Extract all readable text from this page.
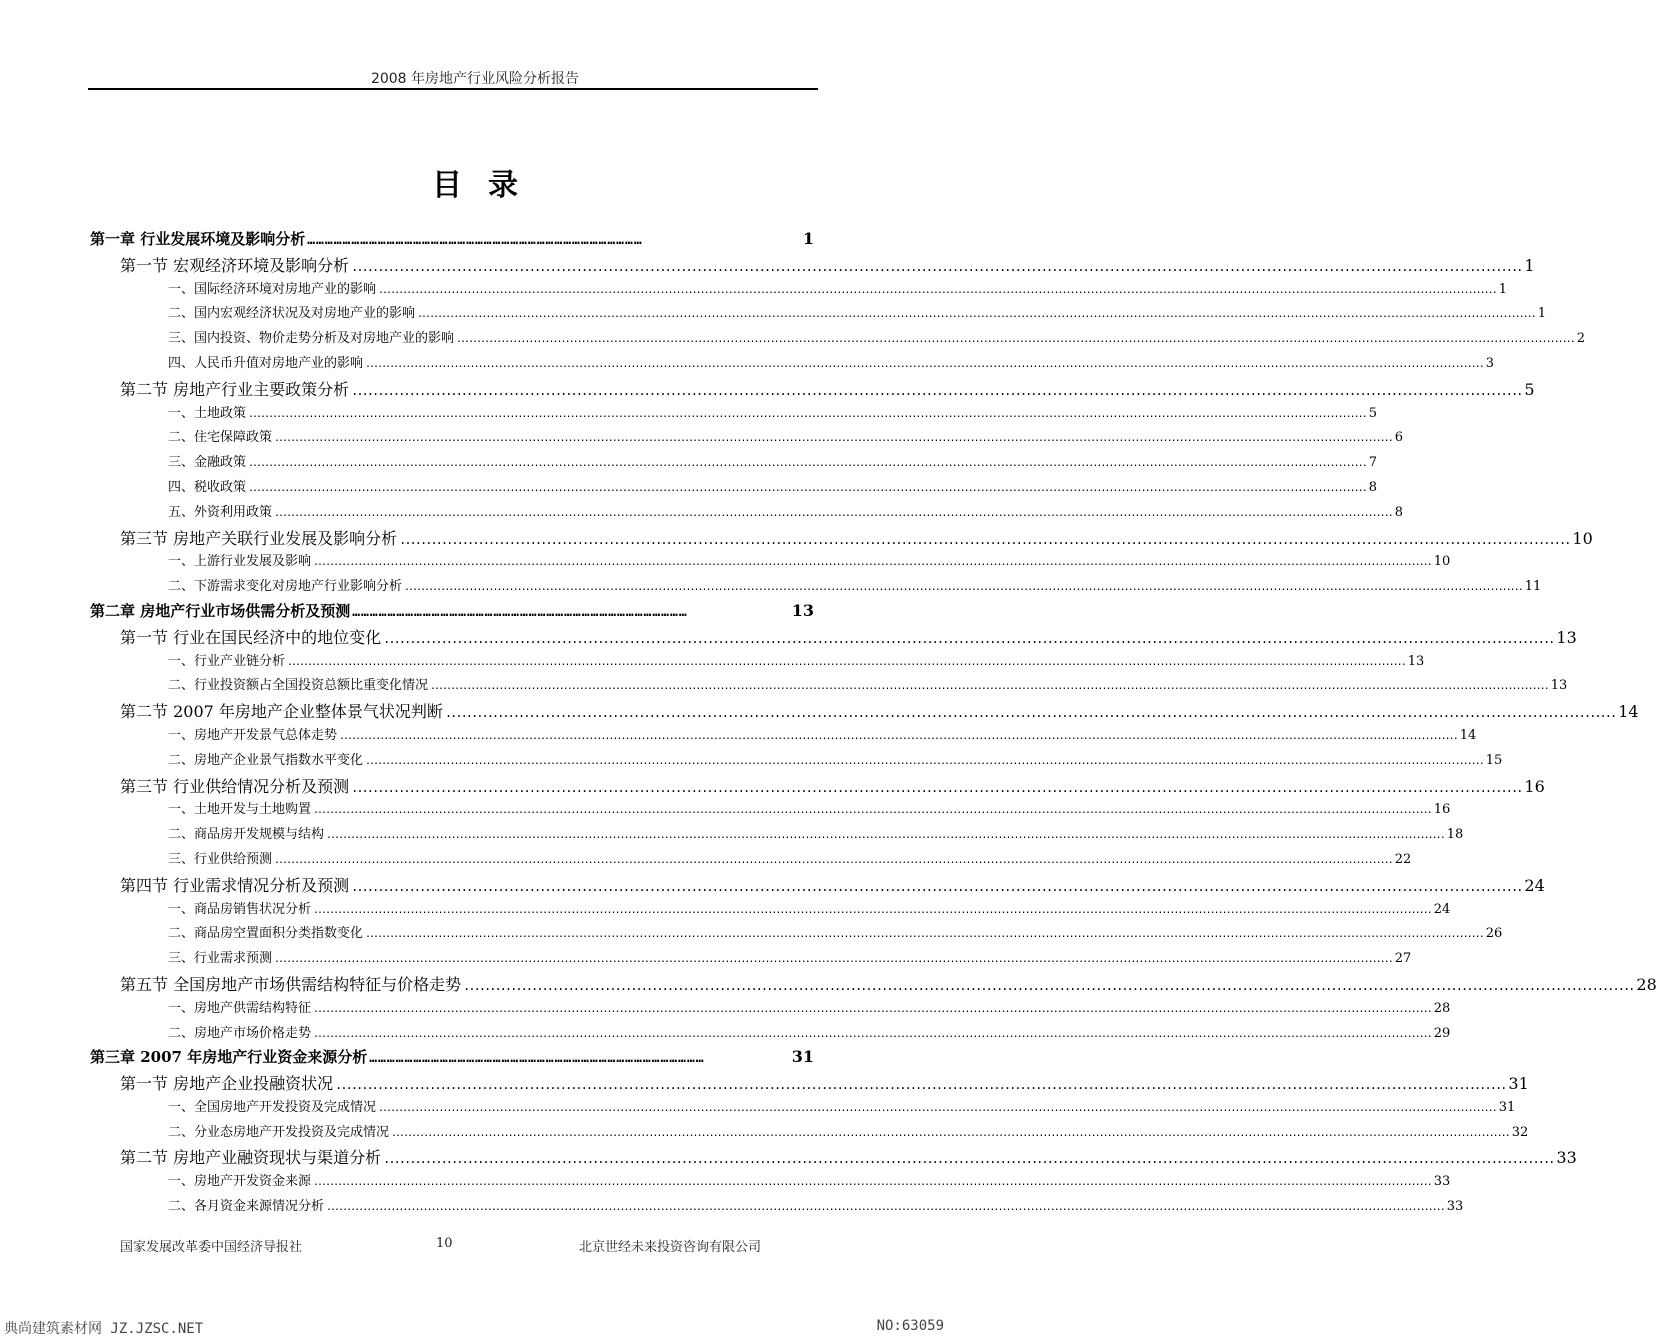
2008 年房地产行业风险分析报告
目录
第一章 行业发展环境及影响分析 ……………………………………………………………………………………………………	1
第一节 宏观经济环境及影响分析 ................................................................................................................................................................................................................................ 1
一、国际经济环境对房地产业的影响 ...................................................................................................................................................................................................................................................................................... 1
二、国内宏观经济状况及对房地产业的影响 ...................................................................................................................................................................................................................................................................................... 1
三、国内投资、物价走势分析及对房地产业的影响 ...................................................................................................................................................................................................................................................................................... 2
四、人民币升值对房地产业的影响 ...................................................................................................................................................................................................................................................................................... 3
第二节 房地产行业主要政策分析 ................................................................................................................................................................................................................................ 5
一、土地政策 ...................................................................................................................................................................................................................................................................................... 5
二、住宅保障政策 ...................................................................................................................................................................................................................................................................................... 6
三、金融政策 ...................................................................................................................................................................................................................................................................................... 7
四、税收政策 ...................................................................................................................................................................................................................................................................................... 8
五、外资利用政策 ...................................................................................................................................................................................................................................................................................... 8
第三节 房地产关联行业发展及影响分析 ................................................................................................................................................................................................................................ 10
一、上游行业发展及影响 ...................................................................................................................................................................................................................................................................................... 10
二、下游需求变化对房地产行业影响分析 ...................................................................................................................................................................................................................................................................................... 11
第二章 房地产行业市场供需分析及预测 ……………………………………………………………………………………………………	13
第一节 行业在国民经济中的地位变化 ................................................................................................................................................................................................................................ 13
一、行业产业链分析 ...................................................................................................................................................................................................................................................................................... 13
二、行业投资额占全国投资总额比重变化情况 ...................................................................................................................................................................................................................................................................................... 13
第二节 2007 年房地产企业整体景气状况判断 ................................................................................................................................................................................................................................ 14
一、房地产开发景气总体走势 ...................................................................................................................................................................................................................................................................................... 14
二、房地产企业景气指数水平变化 ...................................................................................................................................................................................................................................................................................... 15
第三节 行业供给情况分析及预测 ................................................................................................................................................................................................................................ 16
一、土地开发与土地购置 ...................................................................................................................................................................................................................................................................................... 16
二、商品房开发规模与结构 ...................................................................................................................................................................................................................................................................................... 18
三、行业供给预测 ...................................................................................................................................................................................................................................................................................... 22
第四节 行业需求情况分析及预测 ................................................................................................................................................................................................................................ 24
一、商品房销售状况分析 ...................................................................................................................................................................................................................................................................................... 24
二、商品房空置面积分类指数变化 ...................................................................................................................................................................................................................................................................................... 26
三、行业需求预测 ...................................................................................................................................................................................................................................................................................... 27
第五节 全国房地产市场供需结构特征与价格走势 ................................................................................................................................................................................................................................ 28
一、房地产供需结构特征 ...................................................................................................................................................................................................................................................................................... 28
二、房地产市场价格走势 ...................................................................................................................................................................................................................................................................................... 29
第三章 2007 年房地产行业资金来源分析 ……………………………………………………………………………………………………	31
第一节 房地产企业投融资状况 ................................................................................................................................................................................................................................ 31
一、全国房地产开发投资及完成情况 ...................................................................................................................................................................................................................................................................................... 31
二、分业态房地产开发投资及完成情况 ...................................................................................................................................................................................................................................................................................... 32
第二节 房地产业融资现状与渠道分析 ................................................................................................................................................................................................................................ 33
一、房地产开发资金来源 ...................................................................................................................................................................................................................................................................................... 33
二、各月资金来源情况分析 ...................................................................................................................................................................................................................................................................................... 33
国家发展改革委中国经济导报社	10	北京世经未来投资咨询有限公司
典尚建筑素材网 JZ.JZSC.NET	NO:63059
